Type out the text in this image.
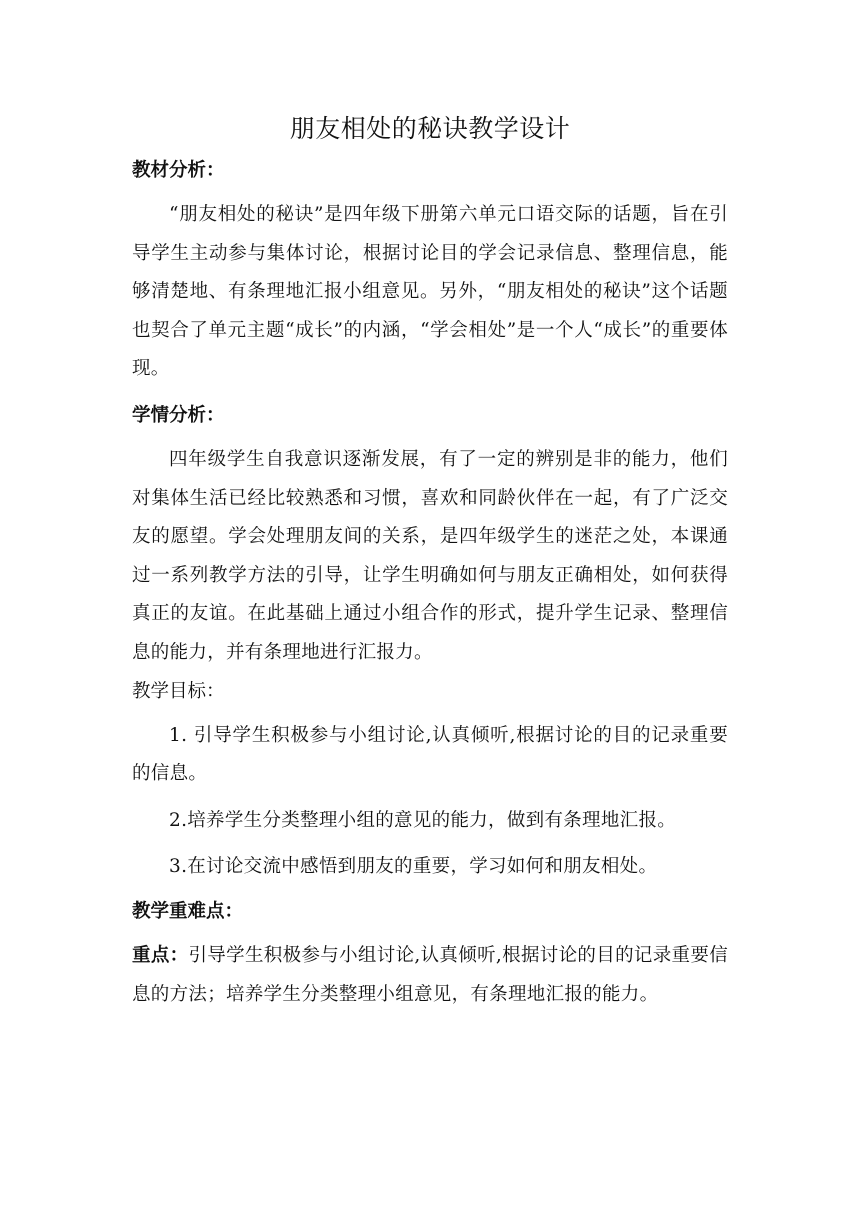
朋友相处的秘诀教学设计
教材分析：

“朋友相处的秘诀”是四年级下册第六单元口语交际的话题，旨在引导学生主动参与集体讨论，根据讨论目的学会记录信息、整理信息，能够清楚地、有条理地汇报小组意见。另外，“朋友相处的秘诀”这个话题也契合了单元主题“成长”的内涵，“学会相处”是一个人“成长”的重要体现。

学情分析：

四年级学生自我意识逐渐发展，有了一定的辨别是非的能力，他们对集体生活已经比较熟悉和习惯，喜欢和同龄伙伴在一起，有了广泛交友的愿望。学会处理朋友间的关系，是四年级学生的迷茫之处，本课通过一系列教学方法的引导，让学生明确如何与朋友正确相处，如何获得真正的友谊。在此基础上通过小组合作的形式，提升学生记录、整理信息的能力，并有条理地进行汇报力。

教学目标：

1. 引导学生积极参与小组讨论,认真倾听,根据讨论的目的记录重要的信息。

2.培养学生分类整理小组的意见的能力，做到有条理地汇报。

3.在讨论交流中感悟到朋友的重要，学习如何和朋友相处。

教学重难点：

重点：引导学生积极参与小组讨论,认真倾听,根据讨论的目的记录重要信息的方法；培养学生分类整理小组意见，有条理地汇报的能力。
